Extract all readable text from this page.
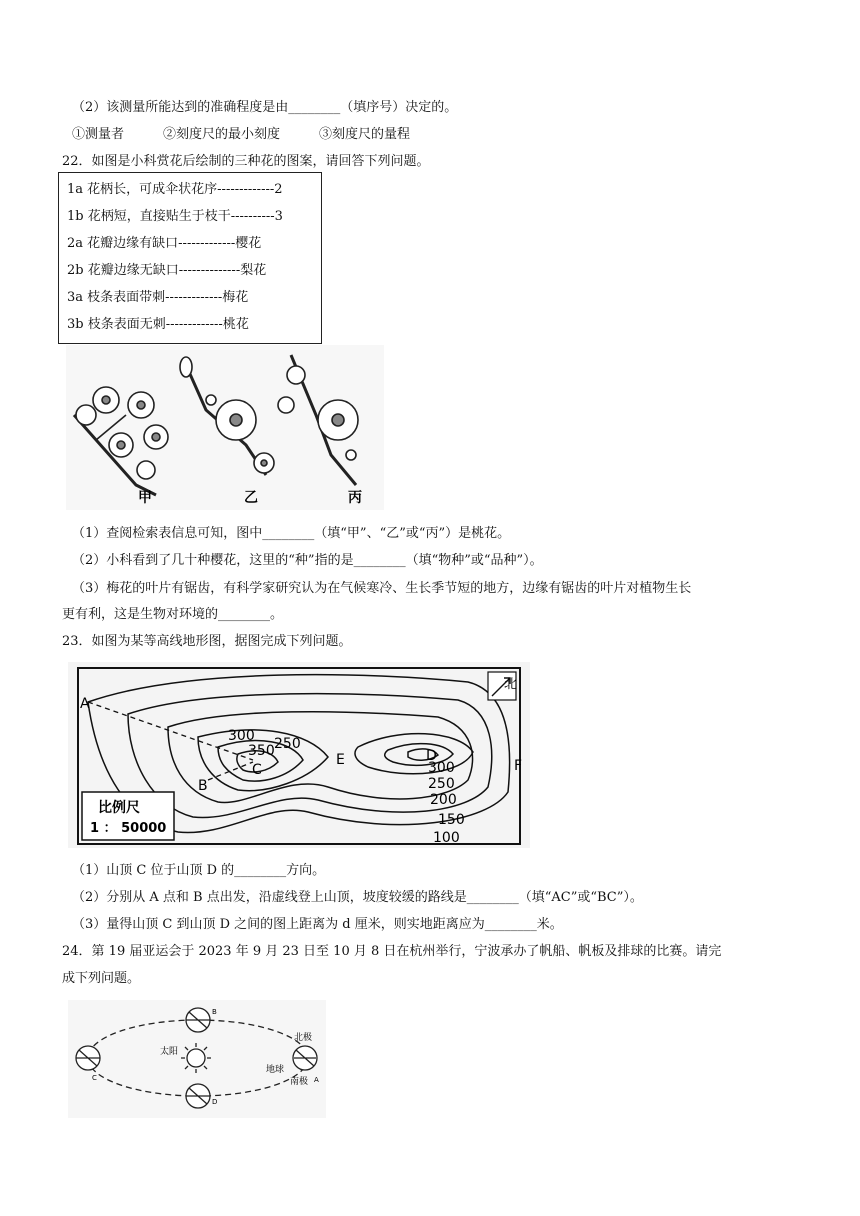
（2）该测量所能达到的准确程度是由________（填序号）决定的。
①测量者　　　②刻度尺的最小刻度　　　③刻度尺的量程
22．如图是小科赏花后绘制的三种花的图案，请回答下列问题。
1a 花柄长，可成伞状花序-------------2
1b 花柄短，直接贴生于枝干----------3
2a 花瓣边缘有缺口-------------樱花
2b 花瓣边缘无缺口--------------梨花
3a 枝条表面带刺-------------梅花
3b 枝条表面无刺-------------桃花
甲	乙	丙
（1）查阅检索表信息可知，图中________（填“甲”、“乙”或“丙”）是桃花。
（2）小科看到了几十种樱花，这里的“种”指的是________（填“物种”或“品种”）。
（3）梅花的叶片有锯齿，有科学家研究认为在气候寒冷、生长季节短的地方，边缘有锯齿的叶片对植物生长
更有利，这是生物对环境的________。
23．如图为某等高线地形图，据图完成下列问题。
北
比例尺
1 ： 50000
A
B
C
D
E	F
100
150
200
250
300
350
300 250
（1）山顶 C 位于山顶 D 的________方向。
（2）分别从 A 点和 B 点出发，沿虚线登上山顶，坡度较缓的路线是________（填“AC”或“BC”）。
（3）量得山顶 C 到山顶 D 之间的图上距离为 d 厘米，则实地距离应为________米。
24．第 19 届亚运会于 2023 年 9 月 23 日至 10 月 8 日在杭州举行，宁波承办了帆船、帆板及排球的比赛。请完
成下列问题。
太阳
A
B
C
D
北极
地球
南极
